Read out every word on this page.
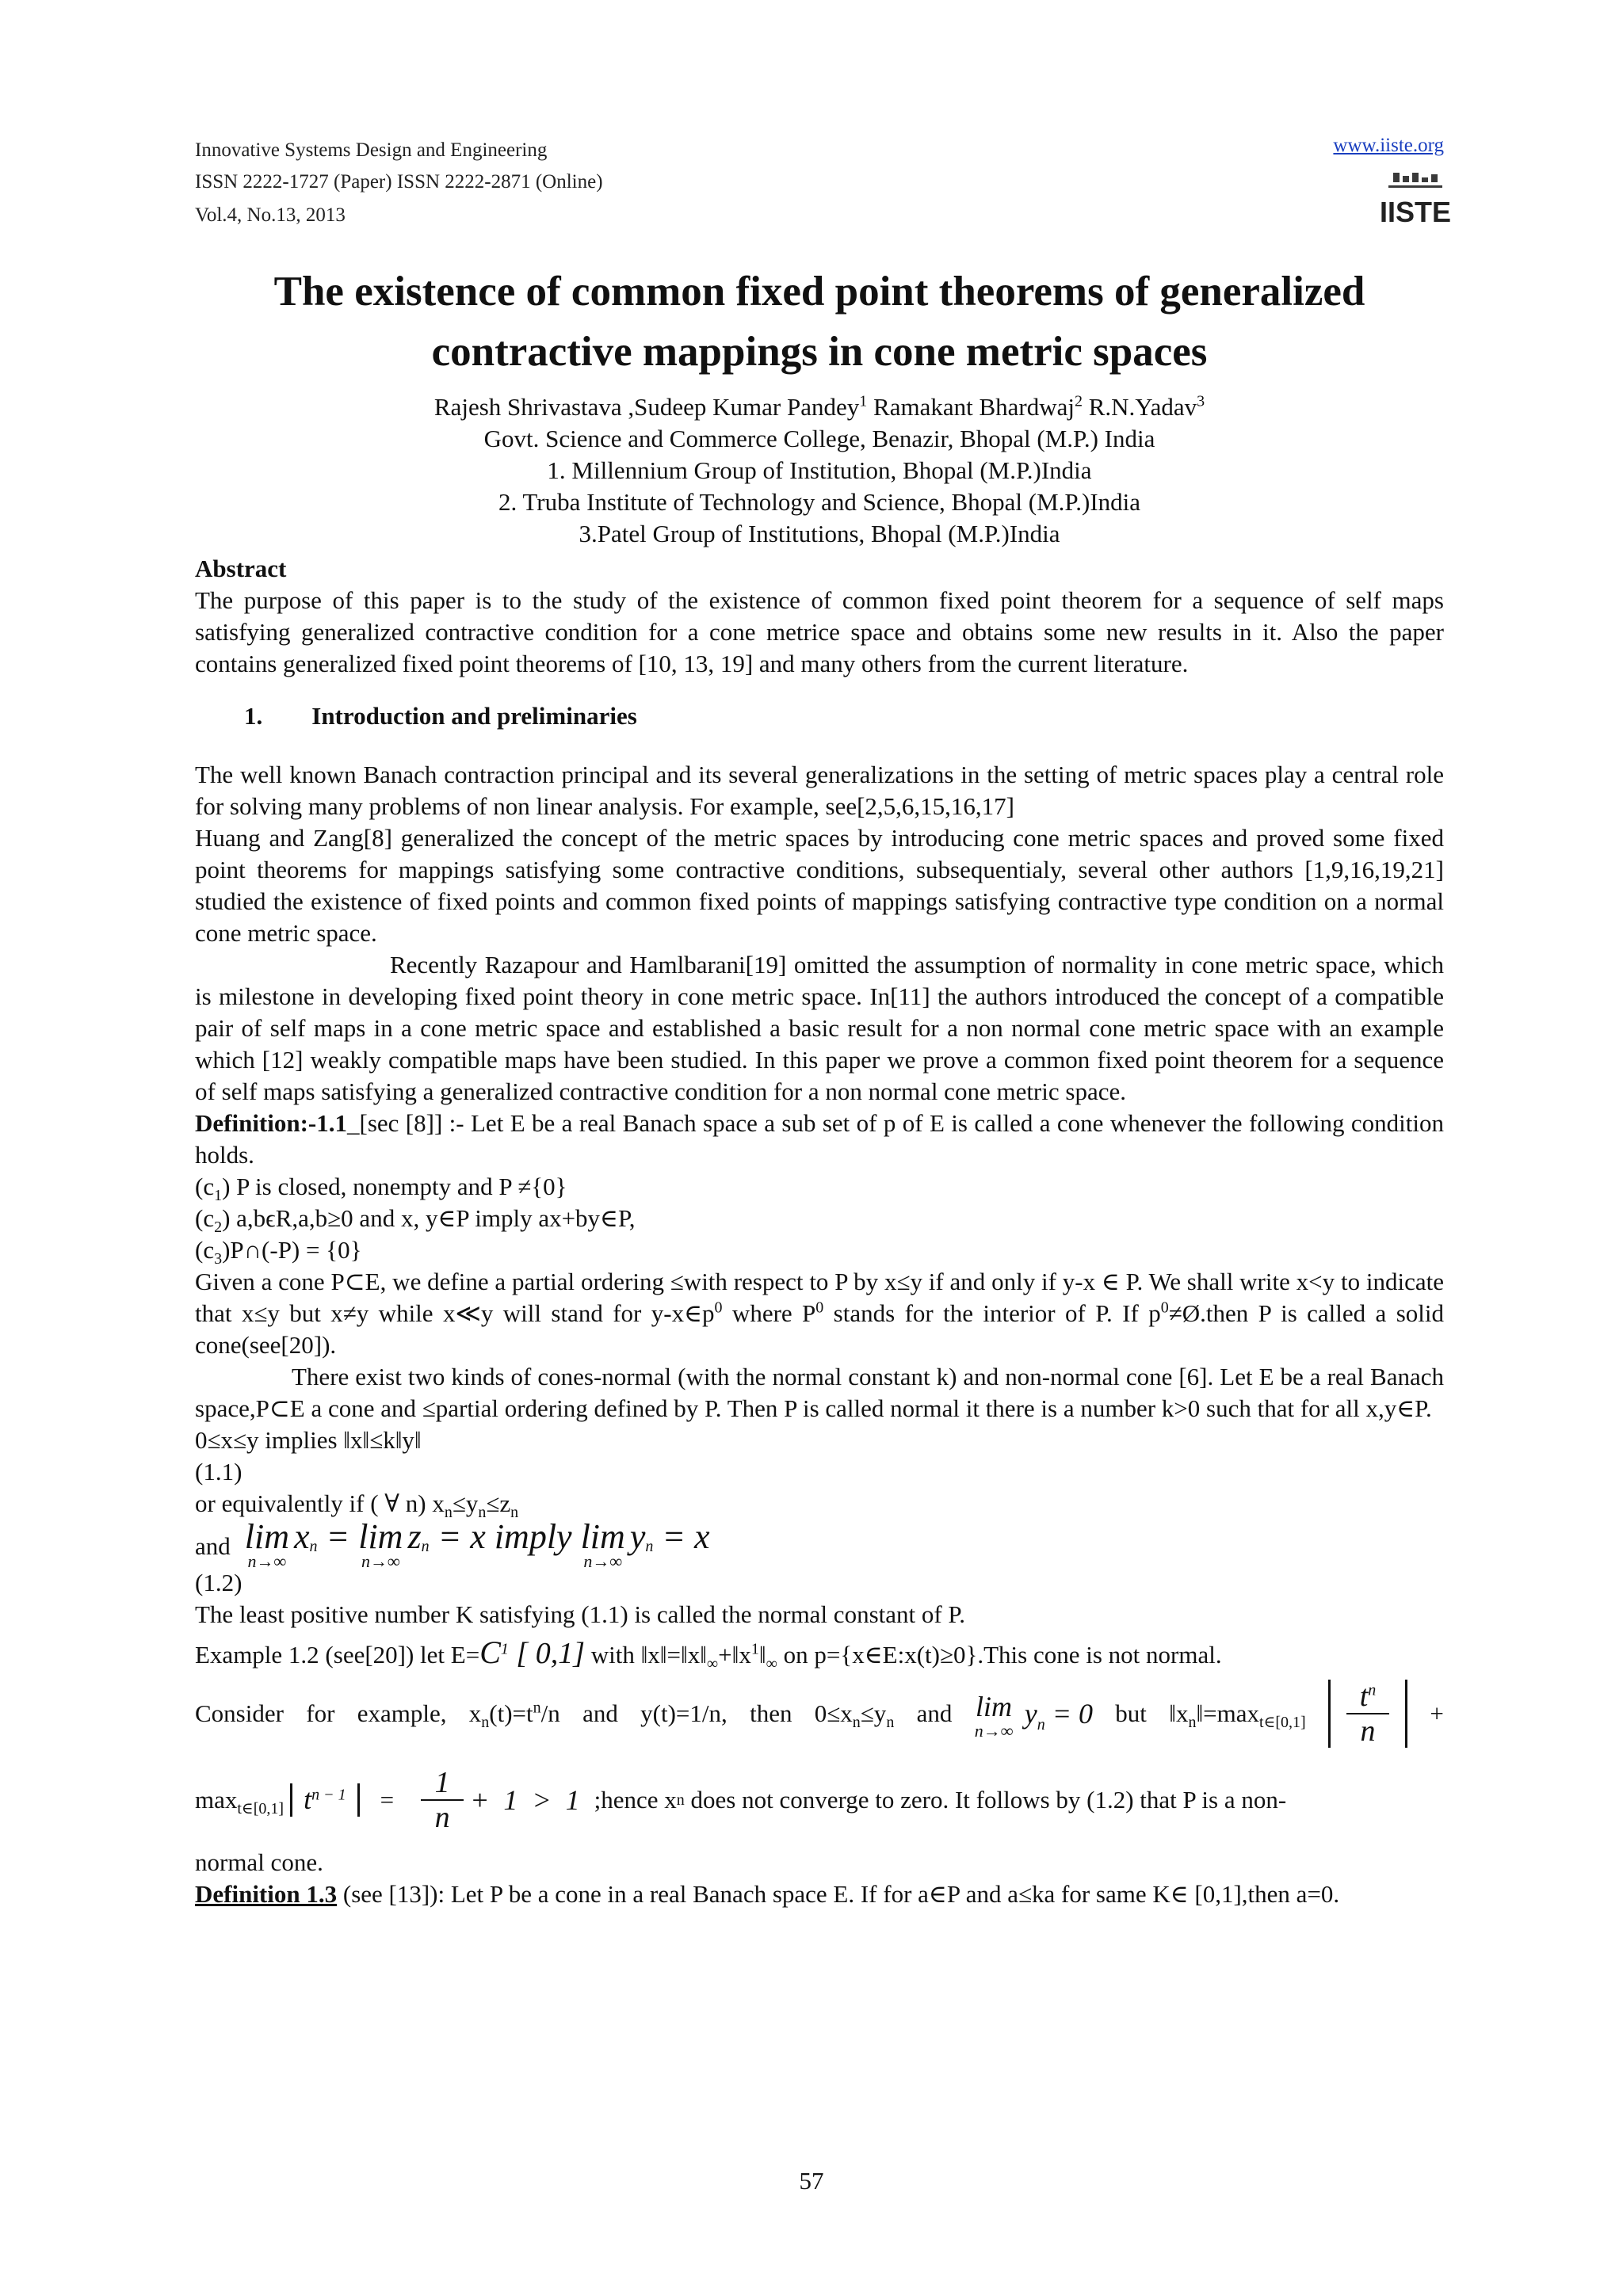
Innovative Systems Design and Engineering
ISSN 2222-1727 (Paper) ISSN 2222-2871 (Online)
Vol.4, No.13, 2013
www.iiste.org
IISTE
The existence of common fixed point theorems of generalized
contractive mappings in cone metric spaces
Rajesh Shrivastava ,Sudeep Kumar Pandey$^1$ Ramakant Bhardwaj$^2$ R.N.Yadav$^3$
Govt. Science and Commerce College, Benazir, Bhopal (M.P.) India
1. Millennium Group of Institution, Bhopal (M.P.)India
2. Truba Institute of Technology and Science, Bhopal (M.P.)India
3.Patel Group of Institutions, Bhopal (M.P.)India

Abstract

The purpose of this paper is to the study of the existence of common fixed point theorem for a sequence of self maps satisfying generalized contractive condition for a cone metrice space and obtains some new results in it. Also the paper contains generalized fixed point theorems of [10, 13, 19] and many others from the current literature.

1.  Introduction and preliminaries

The well known Banach contraction principal and its several generalizations in the setting of metric spaces play a central role for solving many problems of non linear analysis. For example, see[2,5,6,15,16,17]

Huang and Zang[8] generalized the concept of the metric spaces by introducing cone metric spaces and proved some fixed point theorems for mappings satisfying some contractive conditions, subsequentialy, several other authors [1,9,16,19,21] studied the existence of fixed points and common fixed points of mappings satisfying contractive type condition on a normal cone metric space.

Recently Razapour and Hamlbarani[19] omitted the assumption of normality in cone metric space, which is milestone in developing fixed point theory in cone metric space. In[11] the authors introduced the concept of a compatible pair of self maps in a cone metric space and established a basic result for a non normal cone metric space with an example which [12] weakly compatible maps have been studied. In this paper we prove a common fixed point theorem for a sequence of self maps satisfying a generalized contractive condition for a non normal cone metric space.

Definition:-1.1_[sec [8]] :- Let E be a real Banach space a sub set of p of E is called a cone whenever the following condition holds.

$(c_1)$ P is closed, nonempty and P ≠{0}

$(c_2)$ a,bϵR,a,b≥0 and x, y∈P imply ax+by∈P,

$(c_3)P\cap(-P) = \{0\}$

Given a cone P⊂E, we define a partial ordering ≤with respect to P by x≤y if and only if y-x ∈ P. We shall write x<y to indicate that x≤y but x≠y while x≪y will stand for $y-x\in p^0$ where $P^0$ stands for the interior of P. If $p^0\ne Ø.then$ P is called a solid cone(see[20]).

There exist two kinds of cones-normal (with the normal constant k) and non-normal cone [6]. Let E be a real Banach space,P⊂E a cone and ≤partial ordering defined by P. Then P is called normal it there is a number k>0 such that for all x,y∈P.

0≤x≤y implies ‖x‖≤k‖y‖

(1.1)

or equivalently if ( ∀ n) $x_n\le y_n\le z_n$

and lim
n→∞
x n = lim
n→∞
z n = x imply lim
n→∞
y n = x

(1.2)

The least positive number K satisfying (1.1) is called the normal constant of P.

Example 1.2 (see[20]) let $E=C^1$ [ 0,1] with $‖x‖=‖x‖_\infty+‖x^1‖_\infty$ on p={x∈E:x(t)≥0}.This cone is not normal.

Consider for example, $x_n(t)=t^n/n$ and y(t)=1/n, then $0\le x_n\le y_n$ and lim
n→∞
$y_n = 0$ but $‖x_n‖=\max_{t\in[0,1]} \frac{t^n}{n}$ +
max t∈[0,1] $t^{n - 1}$	= $\frac{1}{n} + 1 > 1$ ;hence x n does not converge to zero. It follows by (1.2) that P is a non-

normal cone.

Definition 1.3 (see [13]): Let P be a cone in a real Banach space E. If for a∈P and a≤ka for same K∈ [0,1],then a=0.

57
